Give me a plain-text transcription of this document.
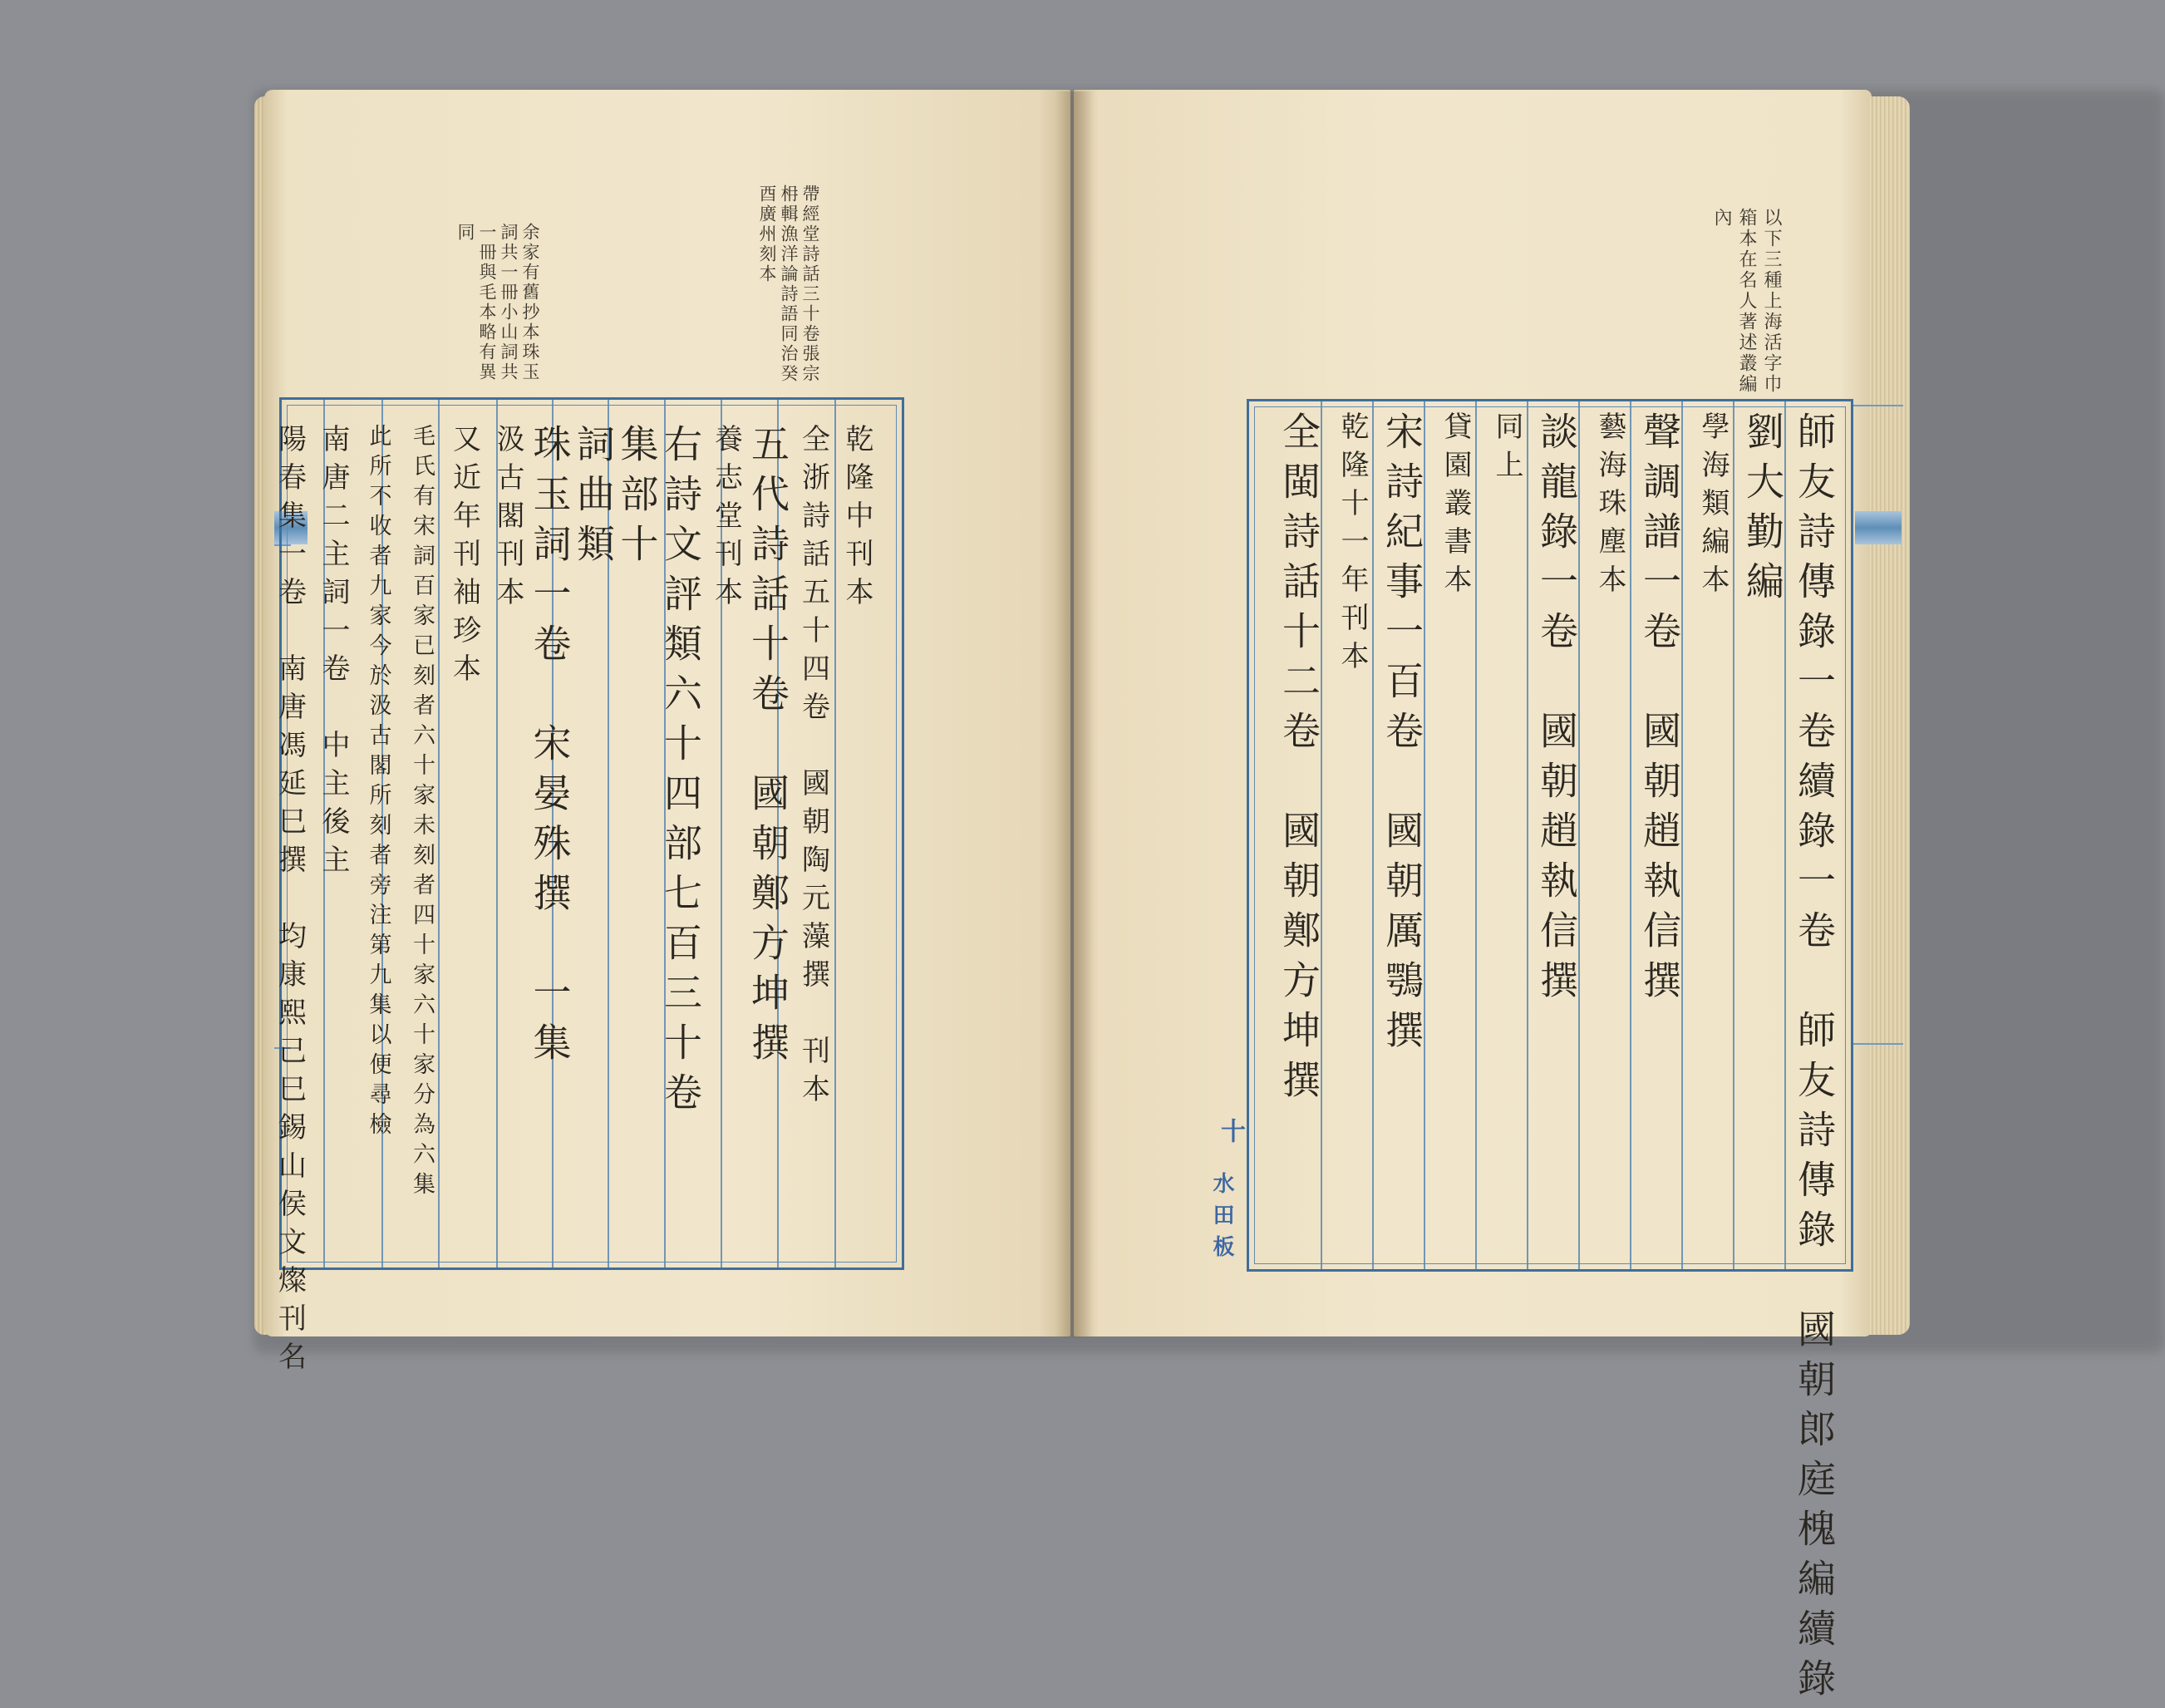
帶經堂詩話三十卷張宗枏輯漁洋論詩語同治癸酉廣州刻本
余家有舊抄本珠玉詞共一冊小山詞共一冊與毛本略有異同
乾隆中刊本
全浙詩話五十四卷　國朝陶元藻撰　刊本
五代詩話十卷　國朝鄭方坤撰
養志堂刊本
右詩文評類六十四部七百三十卷
集部十
詞曲類
珠玉詞一卷　宋晏殊撰　一集
汲古閣刊本
又近年刊袖珍本
毛氏有宋詞百家已刻者六十家未刻者四十家六十家分為六集
此所不收者九家今於汲古閣所刻者旁注第九集以便尋檢
南唐二主詞一卷　中主後主
陽春集一卷　南唐馮延巳撰　均康熙己巳錫山侯文燦刊名
以下三種上海活字巾箱本在名人著述叢編內
師友詩傳錄一卷續錄一卷　師友詩傳錄　國朝郎庭槐編續錄
劉大勤編
學海類編本
聲調譜一卷　國朝趙執信撰
藝海珠塵本
談龍錄一卷　國朝趙執信撰
同上
貸園叢書本
宋詩紀事一百卷　國朝厲鶚撰
乾隆十一年刊本
全閩詩話十二卷　國朝鄭方坤撰
十
水田板
